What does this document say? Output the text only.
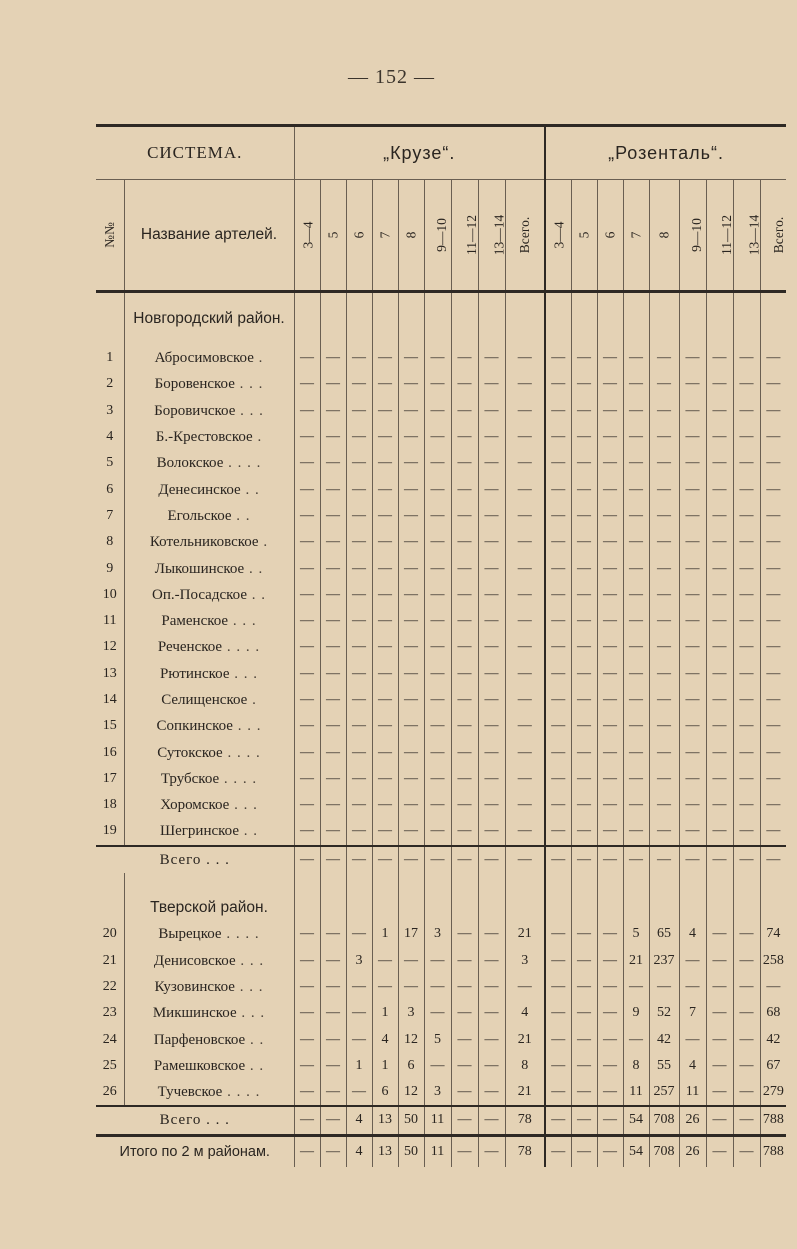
— 152 —
СИСТЕМА.		„Крузе“.									„Розенталь“.								
№№	Название артелей.	3—4	5	6	7	8	9—10	11—12	13—14	Всего.	3—4	5	6	7	8	9—10	11—12	13—14	Всего.
	Новгородский район.																		
1	Абросимовское .	—	—	—	—	—	—	—	—	—	—	—	—	—	—	—	—	—	—
2	Боровенское . . .	—	—	—	—	—	—	—	—	—	—	—	—	—	—	—	—	—	—
3	Боровичское . . .	—	—	—	—	—	—	—	—	—	—	—	—	—	—	—	—	—	—
4	Б.-Крестовское .	—	—	—	—	—	—	—	—	—	—	—	—	—	—	—	—	—	—
5	Волокское . . . .	—	—	—	—	—	—	—	—	—	—	—	—	—	—	—	—	—	—
6	Денесинское . .	—	—	—	—	—	—	—	—	—	—	—	—	—	—	—	—	—	—
7	Егольское . .	—	—	—	—	—	—	—	—	—	—	—	—	—	—	—	—	—	—
8	Котельниковское .	—	—	—	—	—	—	—	—	—	—	—	—	—	—	—	—	—	—
9	Лыкошинское . .	—	—	—	—	—	—	—	—	—	—	—	—	—	—	—	—	—	—
10	Оп.-Посадское . .	—	—	—	—	—	—	—	—	—	—	—	—	—	—	—	—	—	—
11	Раменское . . .	—	—	—	—	—	—	—	—	—	—	—	—	—	—	—	—	—	—
12	Реченское . . . .	—	—	—	—	—	—	—	—	—	—	—	—	—	—	—	—	—	—
13	Рютинское . . .	—	—	—	—	—	—	—	—	—	—	—	—	—	—	—	—	—	—
14	Селищенское .	—	—	—	—	—	—	—	—	—	—	—	—	—	—	—	—	—	—
15	Сопкинское . . .	—	—	—	—	—	—	—	—	—	—	—	—	—	—	—	—	—	—
16	Сутокское . . . .	—	—	—	—	—	—	—	—	—	—	—	—	—	—	—	—	—	—
17	Трубское . . . .	—	—	—	—	—	—	—	—	—	—	—	—	—	—	—	—	—	—
18	Хоромское . . .	—	—	—	—	—	—	—	—	—	—	—	—	—	—	—	—	—	—
19	Шегринское . .	—	—	—	—	—	—	—	—	—	—	—	—	—	—	—	—	—	—
Всего . . .		—	—	—	—	—	—	—	—	—	—	—	—	—	—	—	—	—	—

	Тверской район.																		
20	Вырецкое . . . .	—	—	—	1	17	3	—	—	21	—	—	—	5	65	4	—	—	74
21	Денисовское . . .	—	—	3	—	—	—	—	—	3	—	—	—	21	237	—	—	—	258
22	Кузовинское . . .	—	—	—	—	—	—	—	—	—	—	—	—	—	—	—	—	—	—
23	Микшинское . . .	—	—	—	1	3	—	—	—	4	—	—	—	9	52	7	—	—	68
24	Парфеновское . .	—	—	—	4	12	5	—	—	21	—	—	—	—	42	—	—	—	42
25	Рамешковское . .	—	—	1	1	6	—	—	—	8	—	—	—	8	55	4	—	—	67
26	Тучевское . . . .	—	—	—	6	12	3	—	—	21	—	—	—	11	257	11	—	—	279
Всего . . .		—	—	4	13	50	11	—	—	78	—	—	—	54	708	26	—	—	788
Итого по 2 м районам.		—	—	4	13	50	11	—	—	78	—	—	—	54	708	26	—	—	788
